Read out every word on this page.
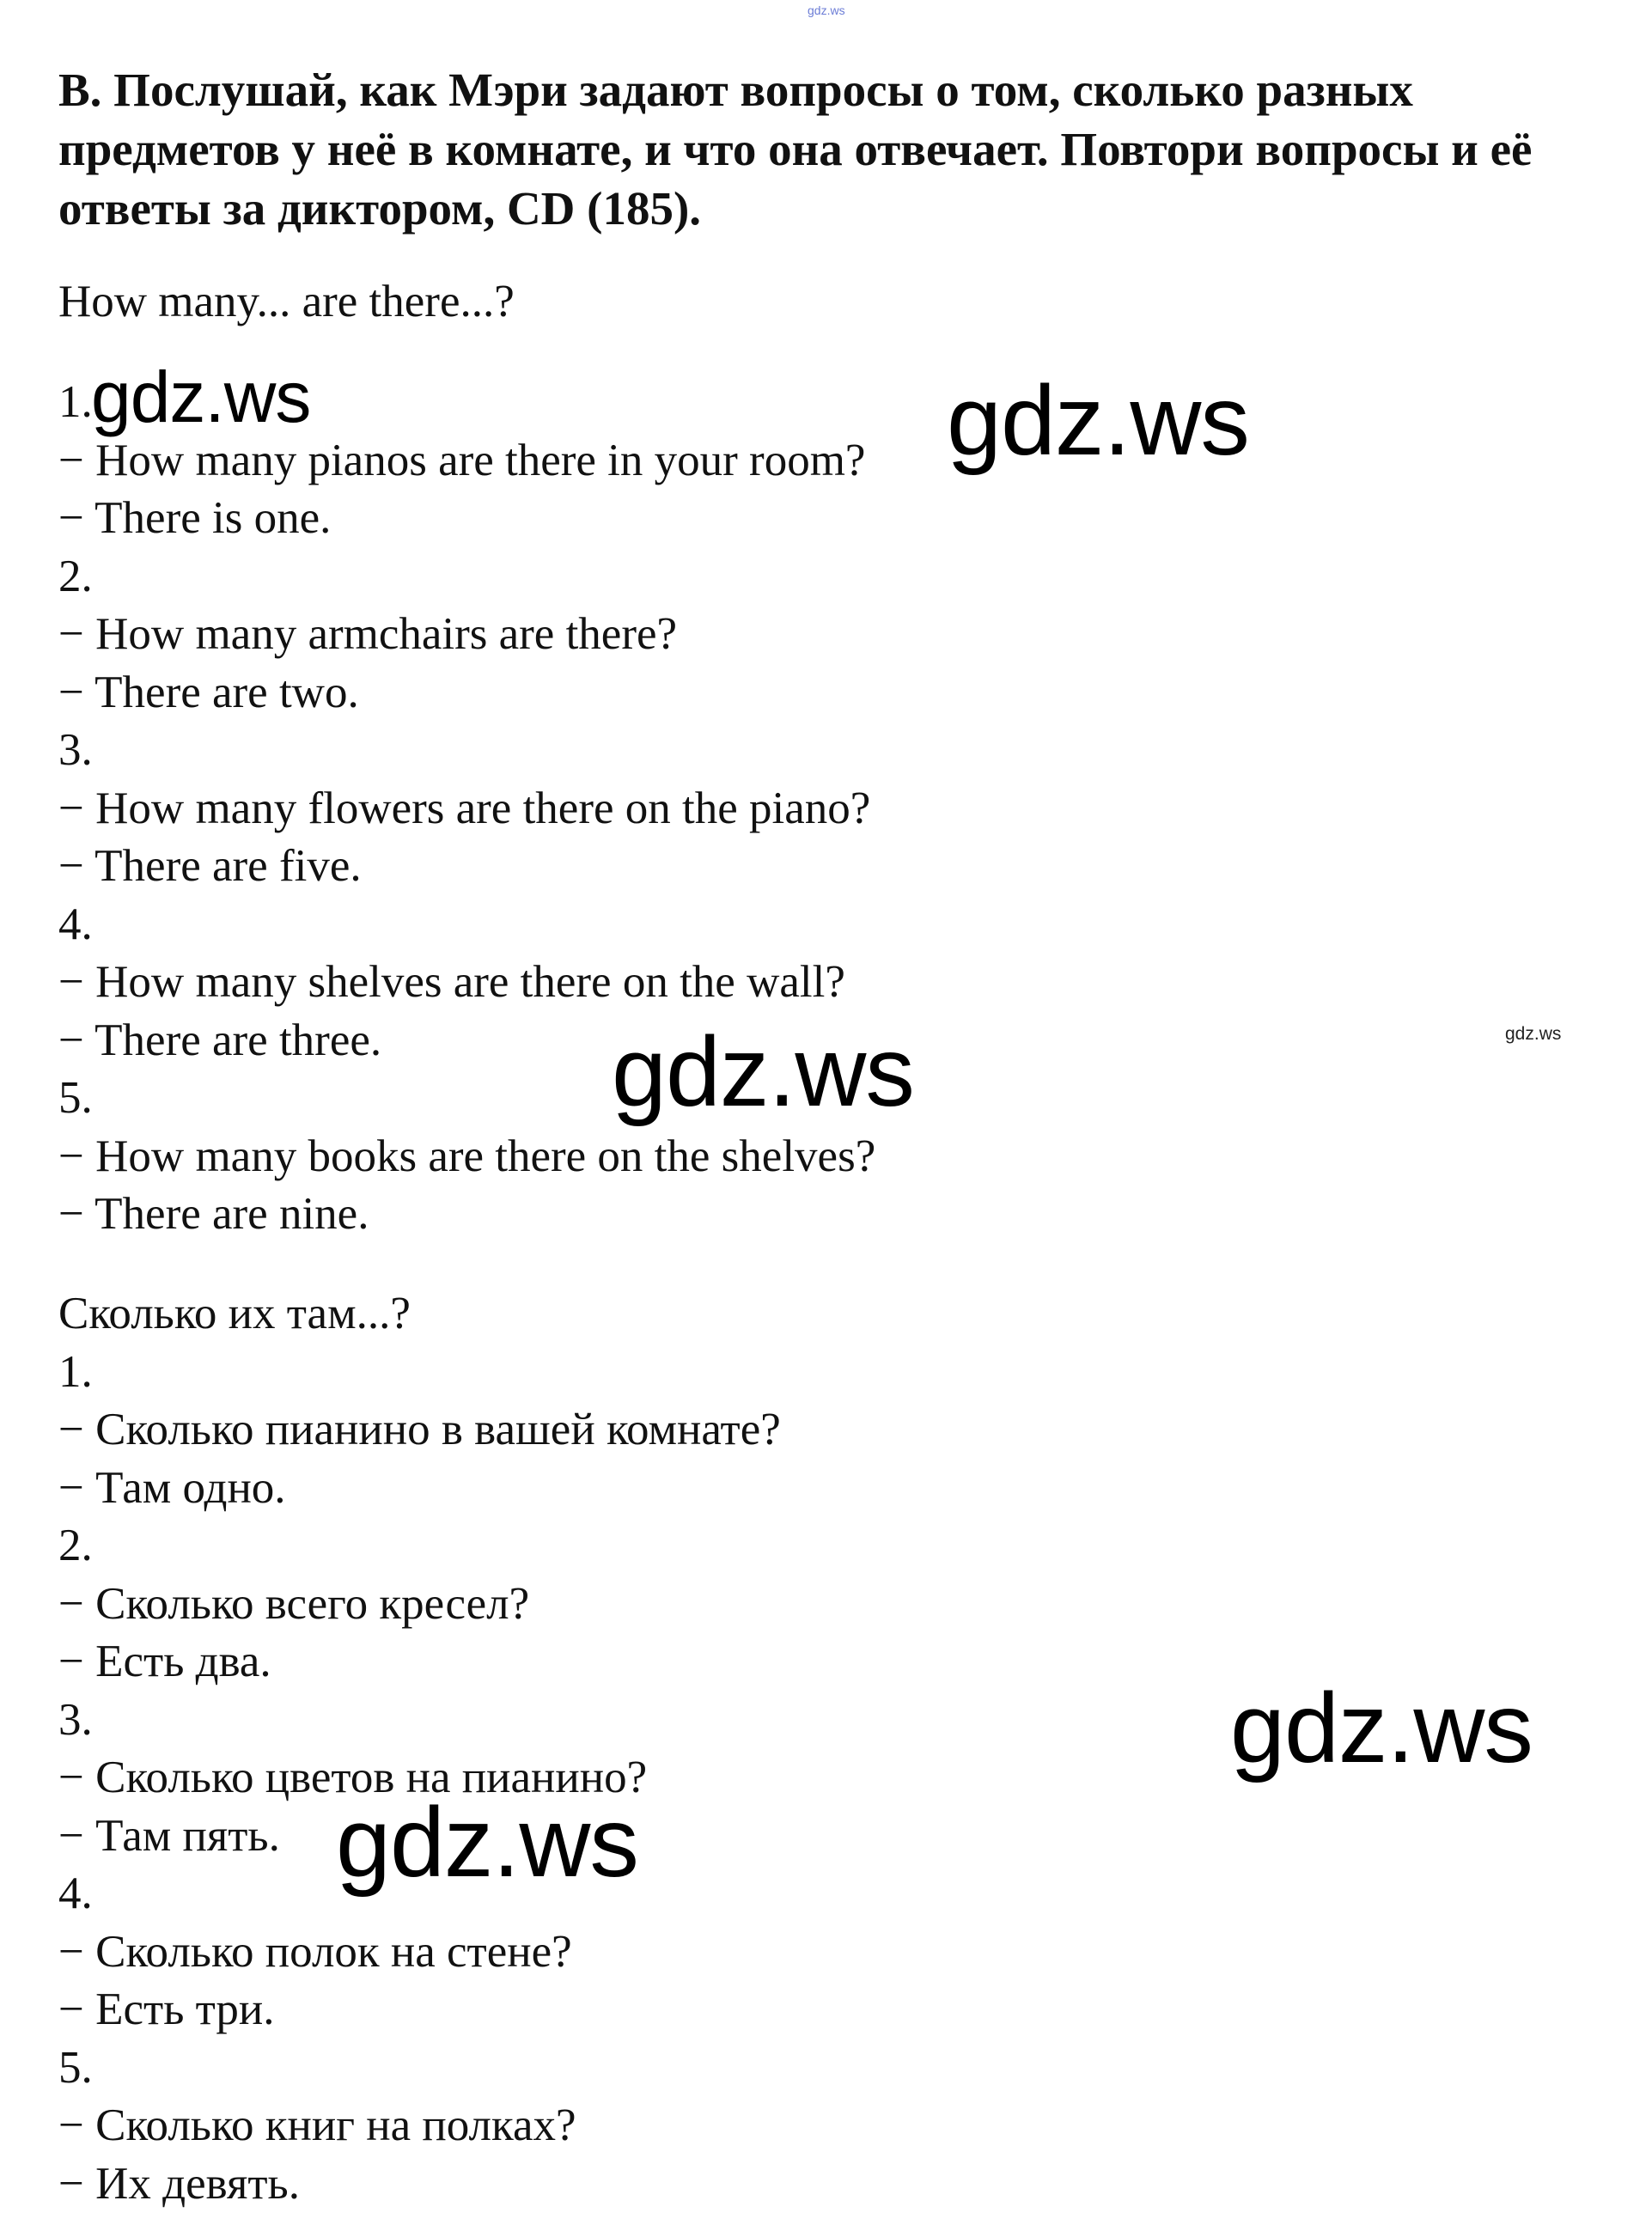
gdz.ws

B. Послушай, как Мэри задают вопросы о том, сколько разных предметов у неё в комнате, и что она отвечает. Повтори вопросы и её ответы за диктором, CD (185).

How many... are there...?
1.
− How many pianos are there in your room?
− There is one.
2.
− How many armchairs are there?
− There are two.
3.
− How many flowers are there on the piano?
− There are five.
4.
− How many shelves are there on the wall?
− There are three.
5.
− How many books are there on the shelves?
− There are nine.
Сколько их там...?
1.
− Сколько пианино в вашей комнате?
− Там одно.
2.
− Сколько всего кресел?
− Есть два.
3.
− Сколько цветов на пианино?
− Там пять.
4.
− Сколько полок на стене?
− Есть три.
5.
− Сколько книг на полках?
− Их девять.
gdz.ws	gdz.ws
gdz.ws
gdz.ws
gdz.ws
gdz.ws
